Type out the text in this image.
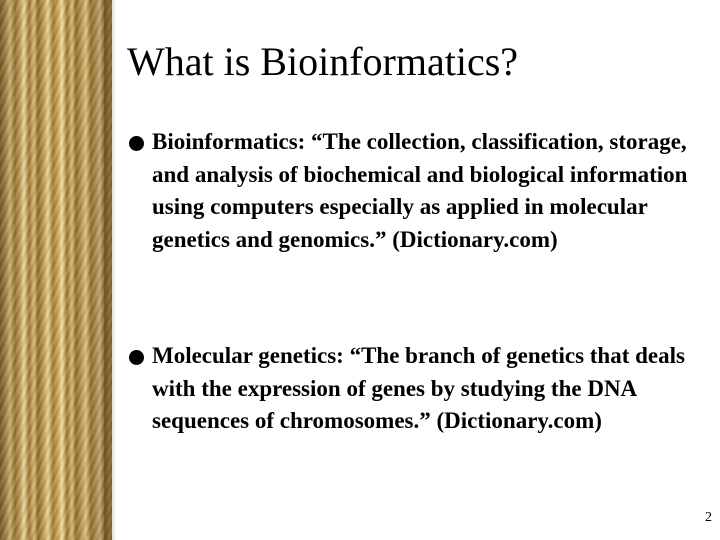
What is Bioinformatics?

Bioinformatics: “The collection, classification, storage, and analysis of biochemical and biological information using computers especially as applied in molecular genetics and genomics.” (Dictionary.com)

Molecular genetics: “The branch of genetics that deals with the expression of genes by studying the DNA sequences of chromosomes.” (Dictionary.com)

2
